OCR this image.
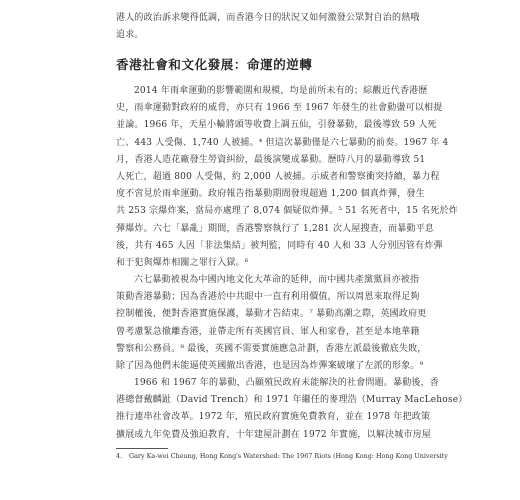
港人的政治訴求變得低調，而香港今日的狀況又如何激發公眾對自治的熱哦
追求。
香港社會和文化發展：命運的逆轉
2014 年雨傘運動的影響範圍和規模，均是前所未有的；綜觀近代香港歷
史，雨傘運動對政府的威脅，亦只有 1966 至 1967 年發生的社會動盪可以相提
並論。1966 年，天星小輪將頭等收費上調五仙，引發暴動，最後導致 59 人死
亡、443 人受傷、1,740 人被捕。⁴ 但這次暴動僅是六七暴動的前奏。1967 年 4
月，香港人造花廠發生勞資糾紛，最後演變成暴動。歷時八月的暴動導致 51
人死亡，超過 800 人受傷，約 2,000 人被捕。示威者和警察衝突持續，暴力程
度不啻見於雨傘運動。政府報告指暴動期間發現超過 1,200 個真炸彈，發生
共 253 宗爆炸案，當局亦處理了 8,074 個疑似炸彈。⁵ 51 名死者中，15 名死於炸
彈爆炸。六七「暴亂」期間，香港警察執行了 1,281 次人屋搜查，而暴動平息
後，共有 465 人因「非法集結」被判監，同時有 40 人和 33 人分別因管有炸彈
和于犯與爆炸相關之罪行入獄。⁶
六七暴動被視為中國內地文化大革命的延伸，而中國共產黨黨員亦被指
策動香港暴動；因為香港於中共眼中一直有利用價值，所以周恩來取得足夠
控制權後，便對香港實施保護，暴動才告結束。⁷ 暴動高潮之際，英國政府更
曾考慮緊急撤離香港，並帶走所有英國官員、軍人和家眷，甚至是本地華籍
警察和公務員。⁸ 最後，英國不需要實施應急計劃，香港左派最後徹底失敗，
除了因為他們未能逼使英國撤出香港，也是因為炸彈案破壞了左派的形象。⁹
1966 和 1967 年的暴動，凸顯殖民政府未能解決的社會問題。暴動後，香
港總督戴麟趾（David Trench）和 1971 年繼任的麥理浩（Murray MacLehose）
推行連串社會改革。1972 年，殖民政府實施免費教育，並在 1978 年把政策
擴展成九年免費及強迫教育，十年建屋計劃在 1972 年實施，以解決城市房屋
4. Gary Ka-wei Cheung, Hong Kong's Watershed: The 1967 Riots (Hong Kong: Hong Kong University
